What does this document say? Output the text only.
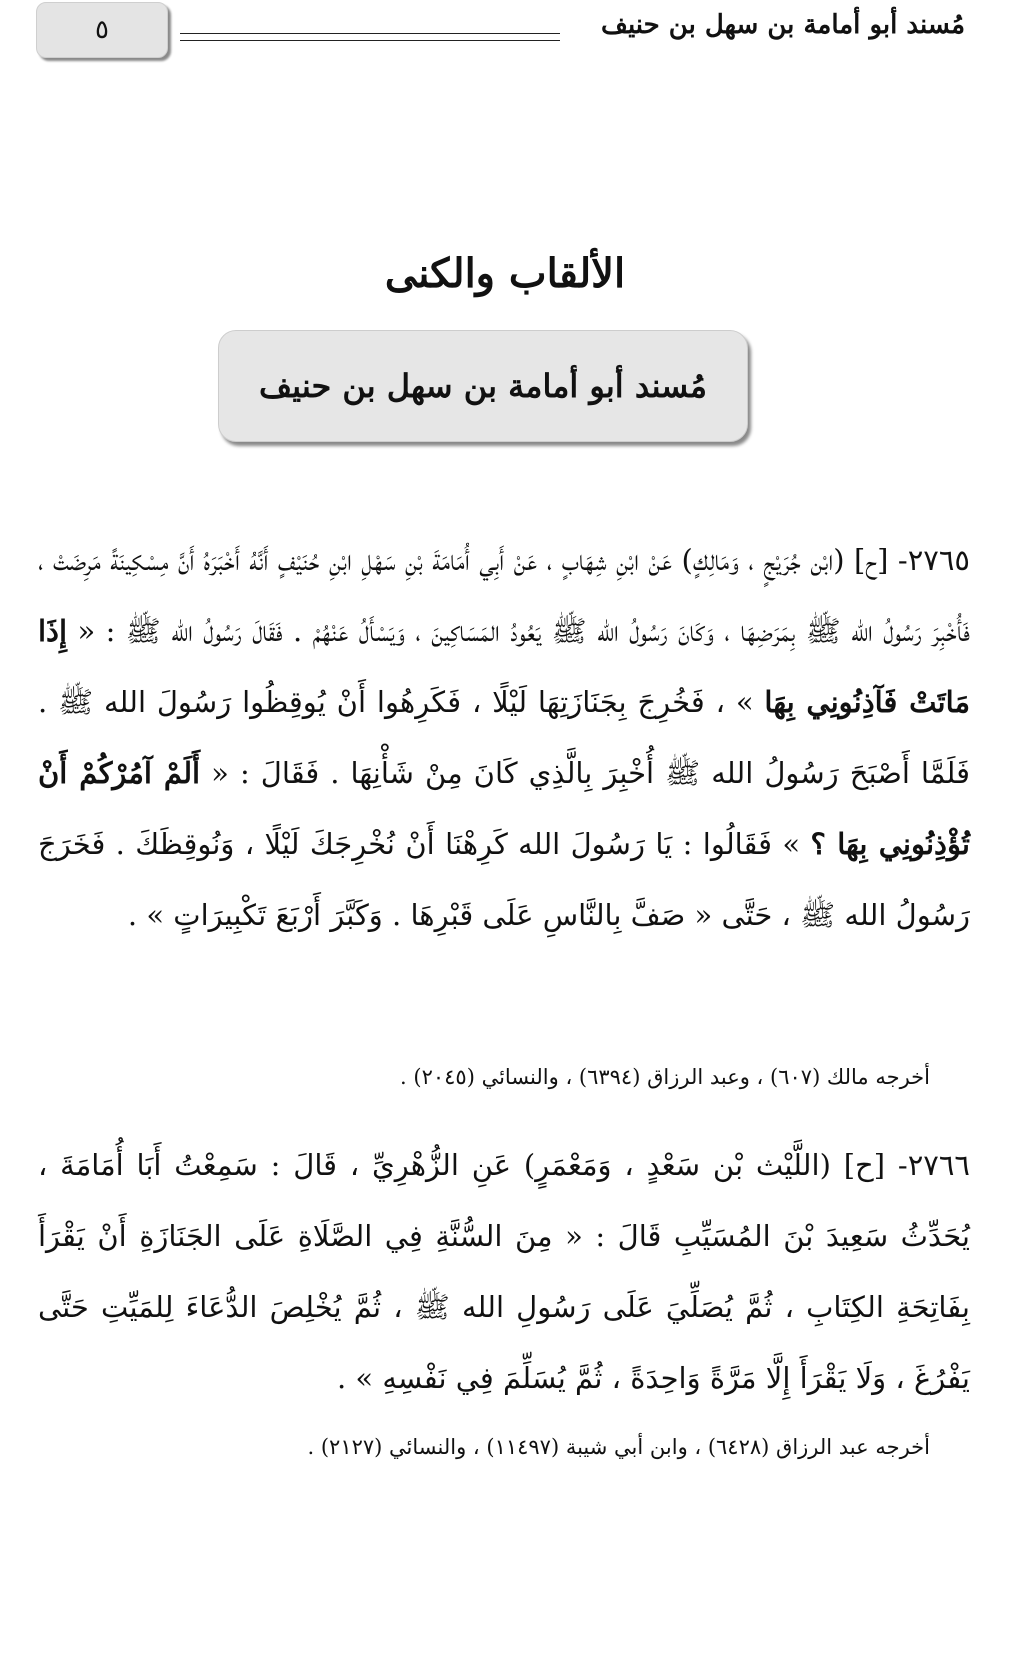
٥	مُسند أبو أمامة بن سهل بن حنيف
الألقاب والكنى
مُسند أبو أمامة بن سهل بن حنيف

٢٧٦٥- [ح] (ابْن جُرَيْجٍ ، وَمَالِكٍ) عَنْ ابْنِ شِهَابٍ ، عَنْ أَبِي أُمَامَةَ بْنِ سَهْلِ ابْنِ حُنَيْفٍ أَنَّهُ أَخْبَرَهُ أَنَّ مِسْكِينَةً مَرِضَتْ ، فَأُخْبِرَ رَسُولُ الله ﷺ بِمَرَضِهَا ، وَكَانَ رَسُولُ الله ﷺ يَعُودُ المَسَاكِينَ ، وَيَسْأَلُ عَنْهُمْ . فَقَالَ رَسُولُ الله ﷺ : « إِذَا مَاتَتْ فَآذِنُونِي بِهَا » ، فَخُرِجَ بِجَنَازَتِهَا لَيْلًا ، فَكَرِهُوا أَنْ يُوقِظُوا رَسُولَ الله ﷺ . فَلَمَّا أَصْبَحَ رَسُولُ الله ﷺ أُخْبِرَ بِالَّذِي كَانَ مِنْ شَأْنِهَا . فَقَالَ : « أَلَمْ آمُرْكُمْ أَنْ تُؤْذِنُونِي بِهَا ؟ » فَقَالُوا : يَا رَسُولَ الله كَرِهْنَا أَنْ نُخْرِجَكَ لَيْلًا ، وَنُوقِظَكَ . فَخَرَجَ رَسُولُ الله ﷺ ، حَتَّى « صَفَّ بِالنَّاسِ عَلَى قَبْرِهَا . وَكَبَّرَ أَرْبَعَ تَكْبِيرَاتٍ » .

أخرجه مالك (٦٠٧) ، وعبد الرزاق (٦٣٩٤) ، والنسائي (٢٠٤٥) .

٢٧٦٦- [ح] (اللَّيْث بْن سَعْدٍ ، وَمَعْمَرٍ) عَنِ الزُّهْرِيِّ ، قَالَ : سَمِعْتُ أَبَا أُمَامَةَ ، يُحَدِّثُ سَعِيدَ بْنَ المُسَيِّبِ قَالَ : « مِنَ السُّنَّةِ فِي الصَّلَاةِ عَلَى الجَنَازَةِ أَنْ يَقْرَأَ بِفَاتِحَةِ الكِتَابِ ، ثُمَّ يُصَلِّيَ عَلَى رَسُولِ الله ﷺ ، ثُمَّ يُخْلِصَ الدُّعَاءَ لِلمَيِّتِ حَتَّى يَفْرُغَ ، وَلَا يَقْرَأَ إِلَّا مَرَّةً وَاحِدَةً ، ثُمَّ يُسَلِّمَ فِي نَفْسِهِ » .

أخرجه عبد الرزاق (٦٤٢٨) ، وابن أبي شيبة (١١٤٩٧) ، والنسائي (٢١٢٧) .
